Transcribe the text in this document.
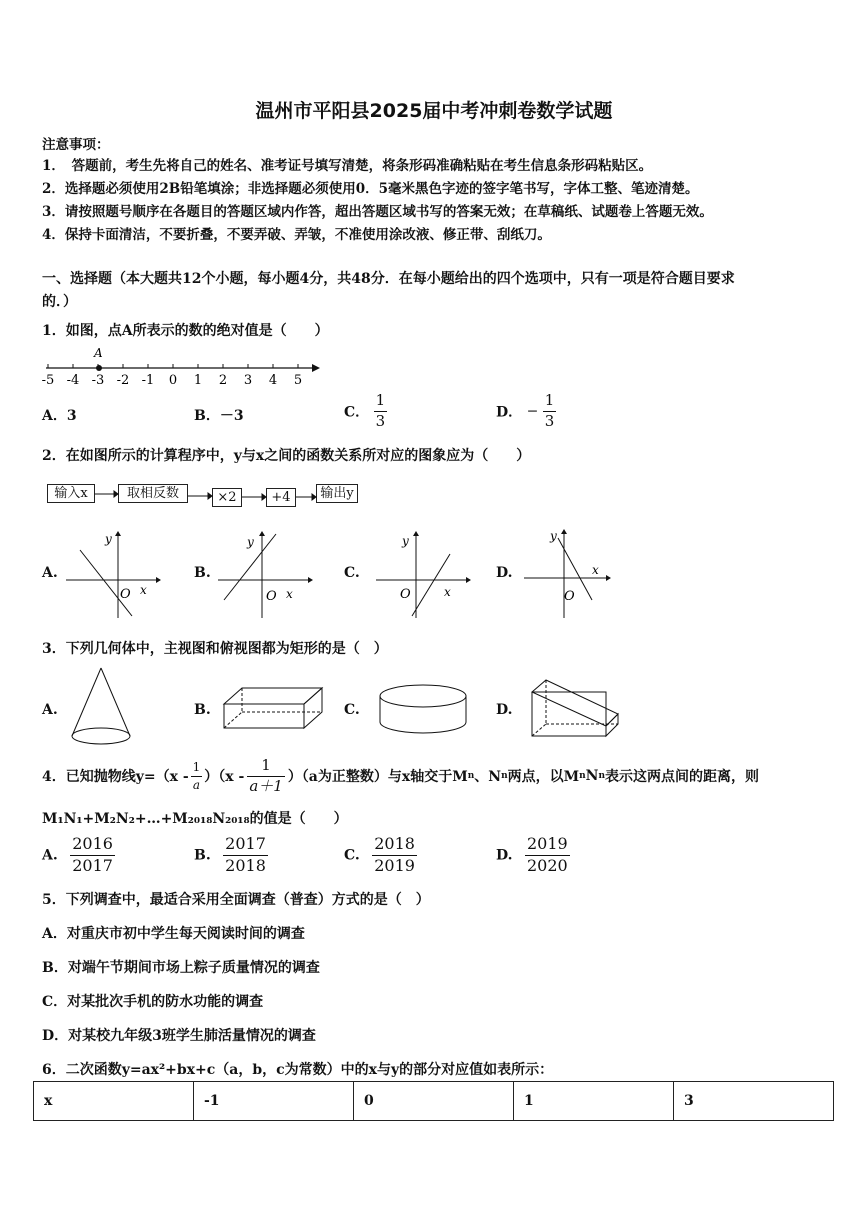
温州市平阳县2025届中考冲刺卷数学试题
注意事项：
1．　答题前，考生先将自己的姓名、准考证号填写清楚，将条形码准确粘贴在考生信息条形码粘贴区。
2．选择题必须使用2B铅笔填涂；非选择题必须使用0．5毫米黑色字迹的签字笔书写，字体工整、笔迹清楚。
3．请按照题号顺序在各题目的答题区域内作答，超出答题区域书写的答案无效；在草稿纸、试题卷上答题无效。
4．保持卡面清洁，不要折叠，不要弄破、弄皱，不准使用涂改液、修正带、刮纸刀。
一、选择题（本大题共12个小题，每小题4分，共48分．在每小题给出的四个选项中，只有一项是符合题目要求
的．）
1．如图，点A所表示的数的绝对值是（　　）
-5 -4 -3 -2 -1 0 1 2 3 4 5
A
A．3	B．－3	C． $\frac{1}{3}$	D． − $\frac{1}{3}$
2．在如图所示的计算程序中，y与x之间的函数关系所对应的图象应为（　　）
输入x	取相反数	×2	+4	输出y
A.
y
x
O
B.
y
x
O
C.
y
x
O
D.
y
x
O
3．下列几何体中，主视图和俯视图都为矩形的是（　）
A.	B.	C.	D.
4．已知抛物线$y=(x - \frac{1}{a} )(x - \frac{1}{a+1} )(a$为正整数）与x轴交于M n 、N n 两点，以M n N n 表示这两点间的距离，则
M₁N₁+M₂N₂+…+M₂₀₁₈N₂₀₁₈的值是（　　）
A. $\frac{2016}{2017}$	B. $\frac{2017}{2018}$	C. $\frac{2018}{2019}$	D. $\frac{2019}{2020}$
5．下列调查中，最适合采用全面调查（普查）方式的是（　）
A．对重庆市初中学生每天阅读时间的调查
B．对端午节期间市场上粽子质量情况的调查
C．对某批次手机的防水功能的调查
D．对某校九年级3班学生肺活量情况的调查
6．二次函数y=ax²+bx+c（a，b，c为常数）中的x与y的部分对应值如表所示：
x	-1	0	1	3
